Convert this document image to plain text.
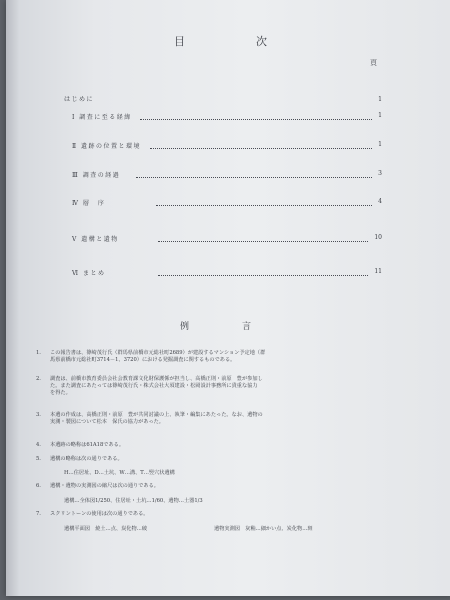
目　次
頁
はじめに	1
Ⅰ 調査に至る経緯	1
Ⅱ 遺跡の位置と環境	1
Ⅲ 調査の経過	3
Ⅳ 層　序	4
Ⅴ 遺構と遺物	10
Ⅵ まとめ	11
例　言
1. この報告書は、篠崎茂行氏（群馬県前橋市元総社町2689）が建設するマンション予定地（群
馬県前橋市元総社町3714－1、3720）における発掘調査に関するものである。
2. 調査は、前橋市教育委員会社会教育課文化財保護係が担当し、高橋正則・前原　豊が参加し
た。また調査にあたっては篠崎茂行氏・株式会社大須建設・松岡設計事務所に貴重な協力
を得た。
3. 本遺の作成は、高橋正則・前原　豊が共同討議の上、執筆・編集にあたった。なお、遺物の
実測・製図について松本　保氏の協力があった。
4. 本遺跡の略称は61A18である。
5. 遺構の略称は次の通りである。
H…住居址、D…土坑、W…溝、T…竪穴状遺構
6. 遺構・遺物の実測図の縮尺は次の通りである。
遺構…全体図1/250、住居址・土坑…1/60、遺物…土器1/3
7. スクリントーンの使用は次の通りである。
遺構平面図　焼土…点、炭化物…破	遺物実測図　灰釉…細かい点、炭化物…斑
